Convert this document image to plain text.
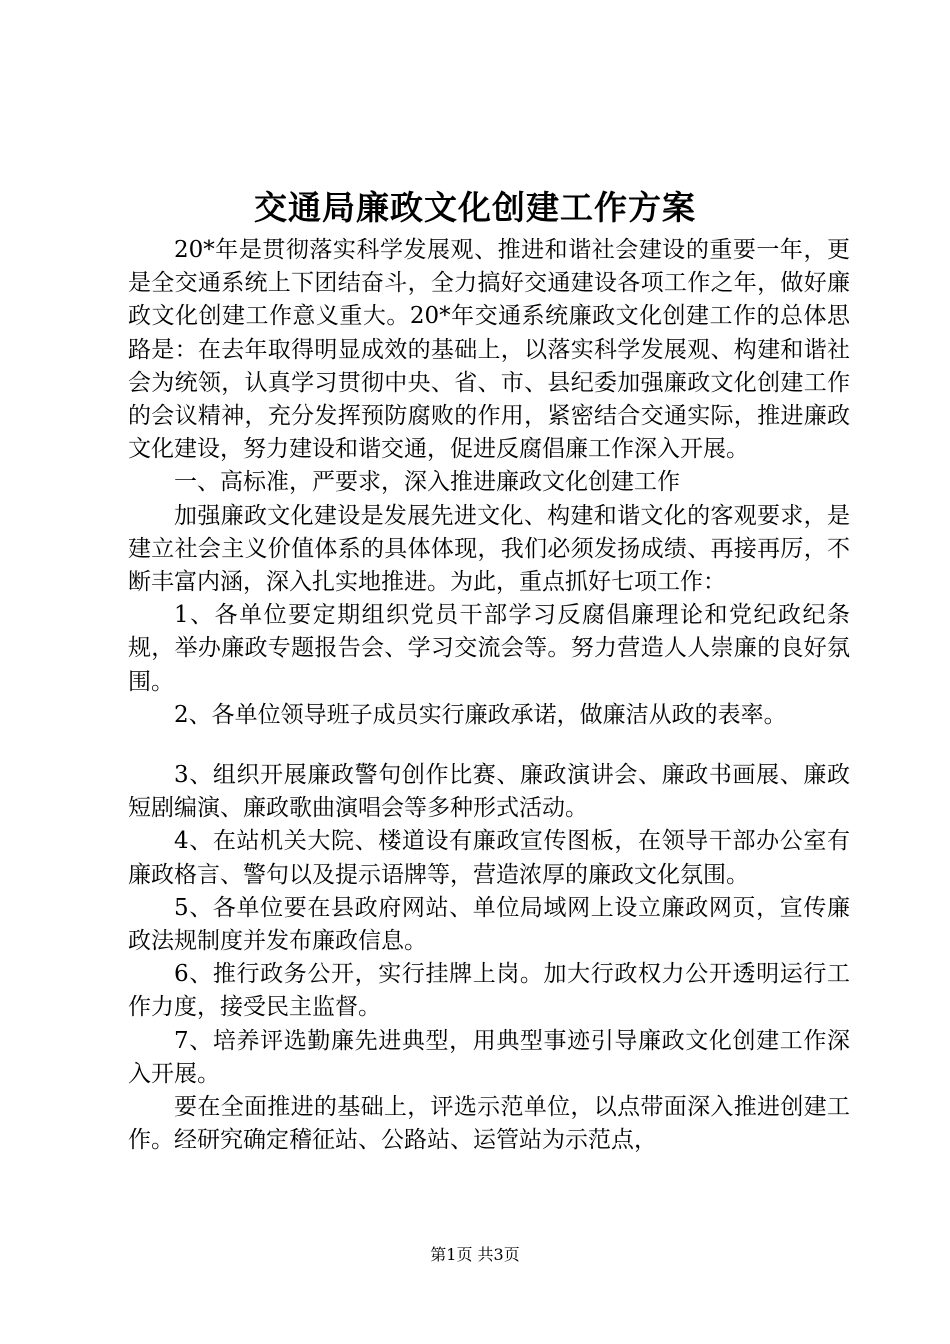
交通局廉政文化创建工作方案

20*年是贯彻落实科学发展观、推进和谐社会建设的重要一年，更是全交通系统上下团结奋斗，全力搞好交通建设各项工作之年，做好廉政文化创建工作意义重大。20*年交通系统廉政文化创建工作的总体思路是：在去年取得明显成效的基础上，以落实科学发展观、构建和谐社会为统领，认真学习贯彻中央、省、市、县纪委加强廉政文化创建工作的会议精神，充分发挥预防腐败的作用，紧密结合交通实际，推进廉政文化建设，努力建设和谐交通，促进反腐倡廉工作深入开展。

一、高标准，严要求，深入推进廉政文化创建工作

加强廉政文化建设是发展先进文化、构建和谐文化的客观要求，是建立社会主义价值体系的具体体现，我们必须发扬成绩、再接再厉，不断丰富内涵，深入扎实地推进。为此，重点抓好七项工作：

1、各单位要定期组织党员干部学习反腐倡廉理论和党纪政纪条规，举办廉政专题报告会、学习交流会等。努力营造人人崇廉的良好氛围。

2、各单位领导班子成员实行廉政承诺，做廉洁从政的表率。

3、组织开展廉政警句创作比赛、廉政演讲会、廉政书画展、廉政短剧编演、廉政歌曲演唱会等多种形式活动。

4、在站机关大院、楼道设有廉政宣传图板，在领导干部办公室有廉政格言、警句以及提示语牌等，营造浓厚的廉政文化氛围。

5、各单位要在县政府网站、单位局域网上设立廉政网页，宣传廉政法规制度并发布廉政信息。

6、推行政务公开，实行挂牌上岗。加大行政权力公开透明运行工作力度，接受民主监督。

7、培养评选勤廉先进典型，用典型事迹引导廉政文化创建工作深入开展。

要在全面推进的基础上，评选示范单位，以点带面深入推进创建工作。经研究确定稽征站、公路站、运管站为示范点，

第1页 共3页
